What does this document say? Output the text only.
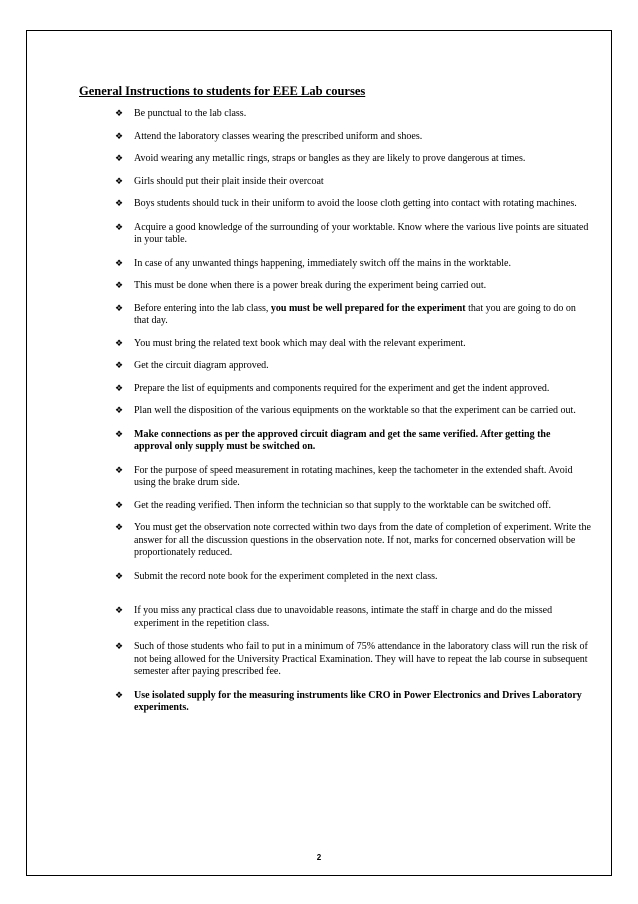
General Instructions to students for EEE Lab courses
❖ Be punctual to the lab class.
❖ Attend the laboratory classes wearing the prescribed uniform and shoes.
❖ Avoid wearing any metallic rings, straps or bangles as they are likely to prove dangerous at times.
❖ Girls should put their plait inside their overcoat
❖ Boys students should tuck in their uniform to avoid the loose cloth getting into contact with rotating machines.
❖ Acquire a good knowledge of the surrounding of your worktable. Know where the various live points are situated in your table.
❖ In case of any unwanted things happening, immediately switch off the mains in the worktable.
❖ This must be done when there is a power break during the experiment being carried out.
❖ Before entering into the lab class, you must be well prepared for the experiment that you are going to do on that day.
❖ You must bring the related text book which may deal with the relevant experiment.
❖ Get the circuit diagram approved.
❖ Prepare the list of equipments and components required for the experiment and get the indent approved.
❖ Plan well the disposition of the various equipments on the worktable so that the experiment can be carried out.
❖ Make connections as per the approved circuit diagram and get the same verified. After getting the approval only supply must be switched on.
❖ For the purpose of speed measurement in rotating machines, keep the tachometer in the extended shaft. Avoid using the brake drum side.
❖ Get the reading verified. Then inform the technician so that supply to the worktable can be switched off.
❖ You must get the observation note corrected within two days from the date of completion of experiment. Write the answer for all the discussion questions in the observation note. If not, marks for concerned observation will be proportionately reduced.
❖ Submit the record note book for the experiment completed in the next class.
❖ If you miss any practical class due to unavoidable reasons, intimate the staff in charge and do the missed experiment in the repetition class.
❖ Such of those students who fail to put in a minimum of 75% attendance in the laboratory class will run the risk of not being allowed for the University Practical Examination. They will have to repeat the lab course in subsequent semester after paying prescribed fee.
❖ Use isolated supply for the measuring instruments like CRO in Power Electronics and Drives Laboratory experiments.
2
